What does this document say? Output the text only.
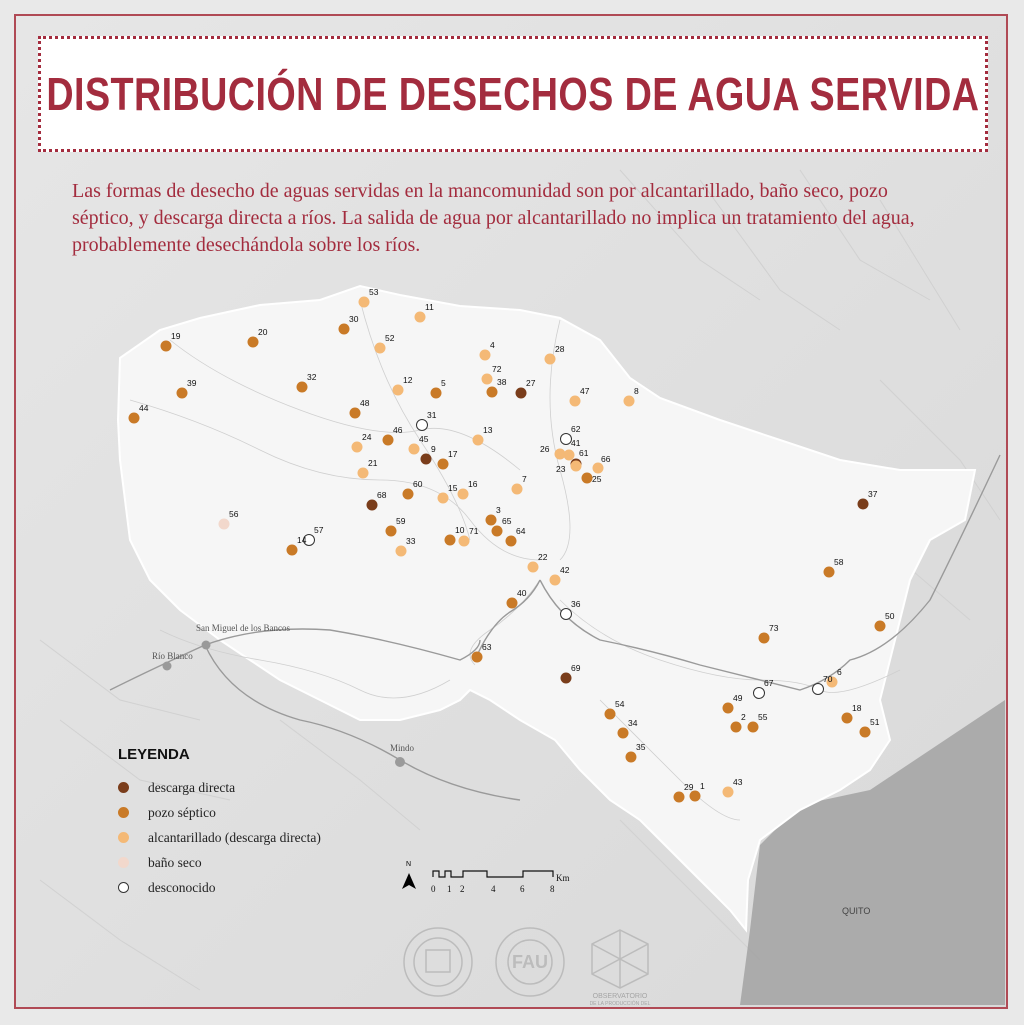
San Miguel de los Bancos
Río Blanco
Mindo
QUITO
53
11
30
52
19	20
4	28
72
38 27
47	8
39
32	12	5
44	48
31
24
46
45
13	62
9 17	26
41
61
23
66
25
21
7
60	15 16
68	37
56	3
59
10 71
65
64
57
14	33
22
42
58
40
36
50
73
63
69	6
70
67
49
54	18
2 55	51
34
35
43
29 1
N
0 1 2	4	6	8
Km
DISTRIBUCIÓN DE DESECHOS DE AGUA SERVIDA
Las formas de desecho de aguas servidas en la mancomunidad son por alcantarillado, baño seco, pozo séptico, y descarga directa a ríos. La salida de agua por alcantarillado no implica un tratamiento del agua, probablemente desechándola sobre los ríos.
LEYENDA
descarga directa
pozo séptico
alcantarillado (descarga directa)
baño seco
desconocido
FAU
OBSERVATORIO
DE LA PRODUCCIÓN DEL
